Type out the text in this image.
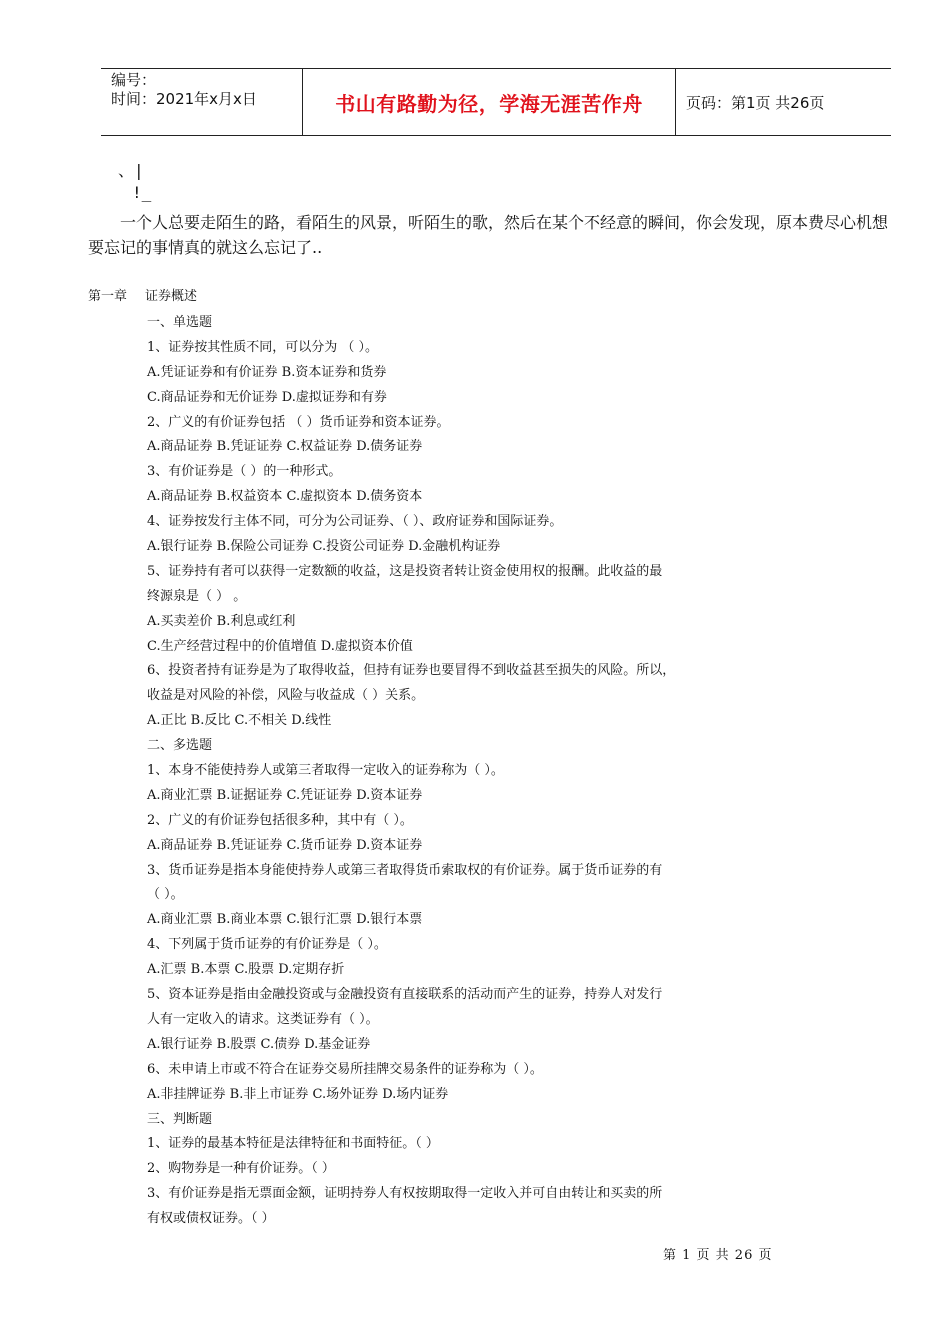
编号：
时间：2021年x月x日	书山有路勤为径，学海无涯苦作舟	页码：第1页 共26页
、|
!_
一个人总要走陌生的路，看陌生的风景，听陌生的歌，然后在某个不经意的瞬间，你会发现，原本费尽心机想要忘记的事情真的就这么忘记了..
第一章 证券概述
一、单选题
1、证券按其性质不同，可以分为 （ ）。
A.凭证证券和有价证券 B.资本证券和货券
C.商品证券和无价证券 D.虚拟证券和有券
2、广义的有价证券包括 （ ）货币证券和资本证券。
A.商品证券 B.凭证证券 C.权益证券 D.债务证券
3、有价证券是（ ）的一种形式。
A.商品证券 B.权益资本 C.虚拟资本 D.债务资本
4、证券按发行主体不同，可分为公司证券、（ ）、政府证券和国际证券。
A.银行证券 B.保险公司证券 C.投资公司证券 D.金融机构证券
5、证券持有者可以获得一定数额的收益，这是投资者转让资金使用权的报酬。此收益的最
终源泉是（ ） 。
A.买卖差价 B.利息或红利
C.生产经营过程中的价值增值 D.虚拟资本价值
6、投资者持有证券是为了取得收益，但持有证券也要冒得不到收益甚至损失的风险。所以，
收益是对风险的补偿，风险与收益成（ ）关系。
A.正比 B.反比 C.不相关 D.线性
二、多选题
1、本身不能使持券人或第三者取得一定收入的证券称为（ ）。
A.商业汇票 B.证据证券 C.凭证证券 D.资本证券
2、广义的有价证券包括很多种，其中有（ ）。
A.商品证券 B.凭证证券 C.货币证券 D.资本证券
3、货币证券是指本身能使持券人或第三者取得货币索取权的有价证券。属于货币证券的有
（ ）。
A.商业汇票 B.商业本票 C.银行汇票 D.银行本票
4、下列属于货币证券的有价证券是（ ）。
A.汇票 B.本票 C.股票 D.定期存折
5、资本证券是指由金融投资或与金融投资有直接联系的活动而产生的证券，持券人对发行
人有一定收入的请求。这类证券有（ ）。
A.银行证券 B.股票 C.债券 D.基金证券
6、未申请上市或不符合在证券交易所挂牌交易条件的证券称为（ ）。
A.非挂牌证券 B.非上市证券 C.场外证券 D.场内证券
三、判断题
1、证券的最基本特征是法律特征和书面特征。（ ）
2、购物券是一种有价证券。（ ）
3、有价证券是指无票面金额，证明持券人有权按期取得一定收入并可自由转让和买卖的所
有权或债权证券。（ ）
第 1 页 共 26 页
